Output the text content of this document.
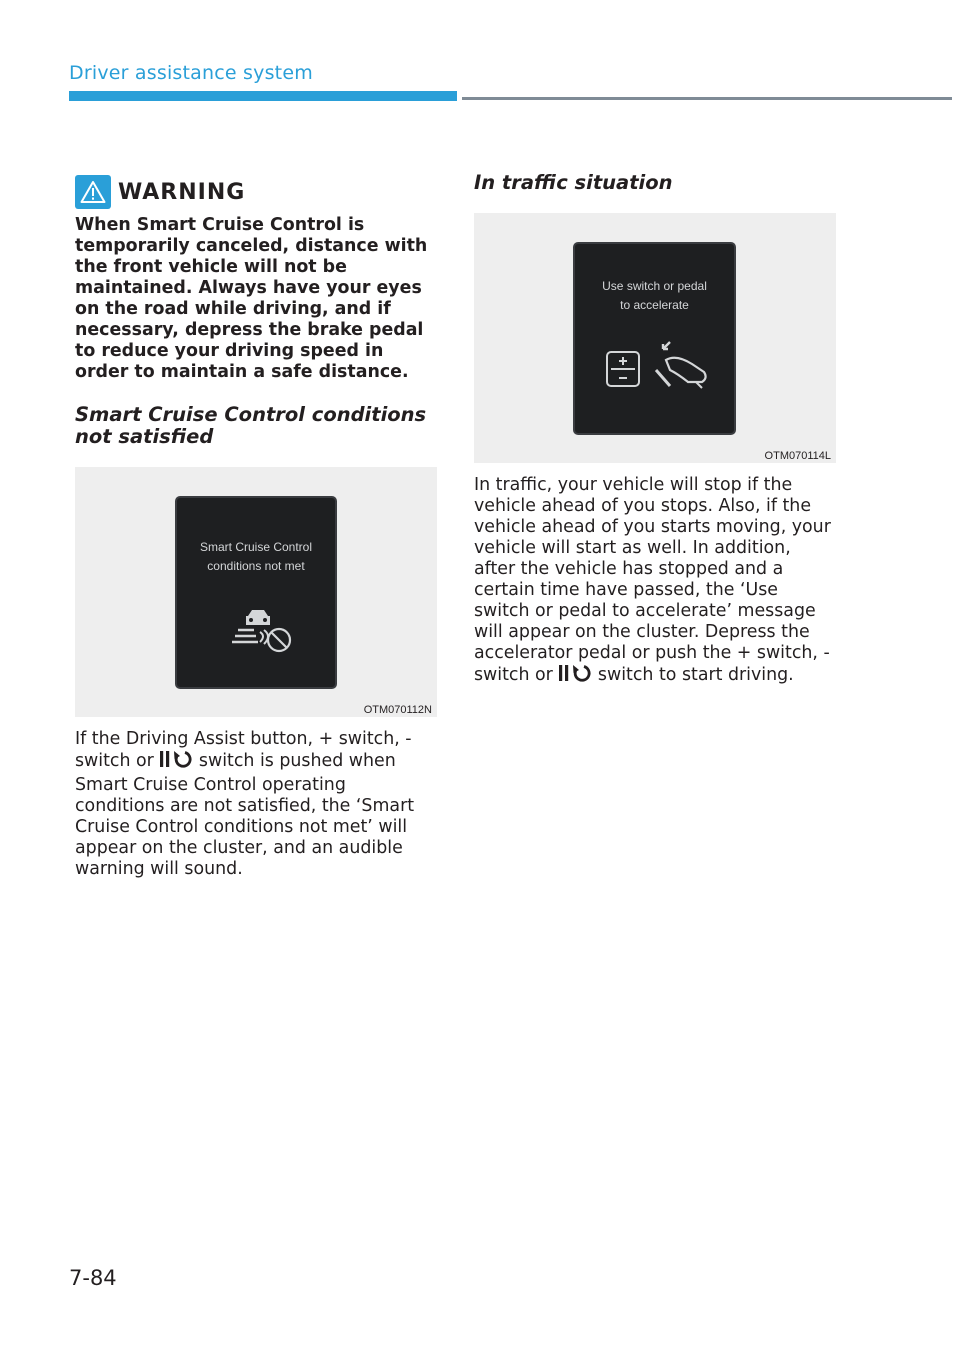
Driver assistance system
WARNING

When Smart Cruise Control is temporarily canceled, distance with the front vehicle will not be maintained. Always have your eyes on the road while driving, and if necessary, depress the brake pedal to reduce your driving speed in order to maintain a safe distance.

Smart Cruise Control conditions not satisfied
Smart Cruise Control
conditions not met
OTM070112N

If the Driving Assist button, + switch, - switch or	switch is pushed when Smart Cruise Control operating conditions are not satisfied, the ‘Smart Cruise Control conditions not met’ will appear on the cluster, and an audible warning will sound.

In traffic situation
Use switch or pedal
to accelerate
OTM070114L

In traffic, your vehicle will stop if the vehicle ahead of you stops. Also, if the vehicle ahead of you starts moving, your vehicle will start as well. In addition, after the vehicle has stopped and a certain time have passed, the ‘Use switch or pedal to accelerate’ message will appear on the cluster. Depress the accelerator pedal or push the + switch, - switch or	switch to start driving.

7-84
